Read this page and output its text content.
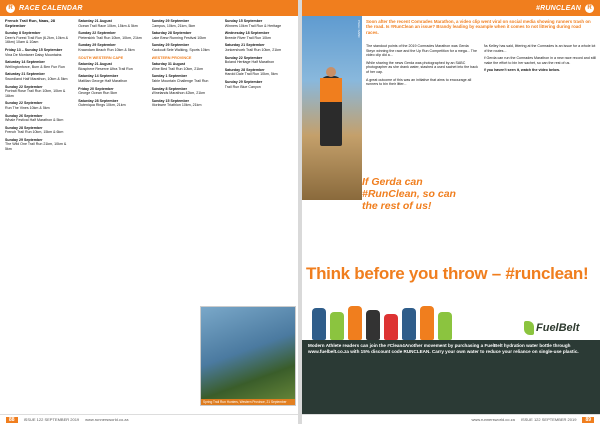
R RACE CALENDAR
French Trail Run, Naas, 28 September
Sunday 8 September
Deer's Forest Trail Run (6.2km, 10km & 16km) 10am & 10am
Friday 13 – Sunday 15 September
Vina De Montaner Daisy Mountains
Saturday 14 September
Wellingtonforce, Burn & Ben Fun Run
Saturday 21 September
Swordland Half Marathon, 10km & 5km
Sunday 22 September
Portrait Rose Trail Run 10km, 10km & 16km
Sunday 22 September
Run The Vines 10km & 5km
Sunday 26 September
Whale Festival Half Marathon & 5km
Sunday 28 September
French Trail Run 10km, 15km & 6km
Sunday 29 September
The Wild One Trail Run 21km, 10km & 5km
Saturday 21 August
Ocean Trail Race 10km, 15km & 5km
Sunday 22 September
Pieterskirk Trail Run 10km, 10km, 21km
Sunday 29 September
Kraandam Beach Run 10km & 5km
SOUTH WESTERN CAPE
Saturday 21 August
Biosphere Reserve Ultra Trail Run
Saturday 14 September
Matilian George Half Marathon
Friday 20 September
George Ocean Run 5km
Saturday 28 September
Outeniqua Rings 10km, 21km
Sunday 29 September
Campus, 10km, 21km, 5km
Saturday 28 September
Lake Brew Running Festival 10km
Sunday 29 September
Kaokouit Sele Walking, Sports 10km
WESTERN PROVINCE
Saturday 31 August
Wine Bed Trail Run 10km, 21km
Sunday 1 September
Table Mountain Challenge Trail Run
Sunday 8 September
Winelands Marathon 42km, 21km
Sunday 15 September
Morkwee Triathlon 10km, 21km
Sunday 15 September
Winners 10km Trail Run & Heritage
Wednesday 18 September
Breede River Trail Run 10km
Saturday 21 September
Jonkershoek Trail Run 10km, 21km
Sunday 22 September
Boland Heritage Half Marathon
Saturday 28 September
Harold Dale Trail Run 10km, 5km
Sunday 29 September
Trail Run Blue Canyon
Spring Trail Run Hunters, Western Province, 21 September
88	ISSUE 122 SEPTEMBER 2019 www.runnersworld.co.za
#RUNCLEAN	R
Photo: SABC Soon after the recent Comrades Marathon, a video clip went viral on social media showing runners trash on the road. Is #RunClean an issue? Brandy leading by example when it comes to not littering during road races.

The standout points of the 2019 Comrades Marathon was Gerda Steyn winning the race and the Up Run Competition for a mega... The video clip did a...

While sharing the news Gerda was photographed by an SABC photographer as she drank water, stashed a used sachet into the back of her cap.

A great outcome of this was an initiative that aims to encourage all runners to bin their litter...

As Kelley has said, littering at the Comrades is an issue for a whole lot of the routes...

If Gerda can run the Comrades Marathon in a new race record and still make the effort to bin her sachet, so can the rest of us.

If you haven't seen it, watch the video below.

If Gerda can #RunClean, so can the rest of us!
Think before you throw – #runclean!
FuelBelt
Modern Athlete readers can join the #Clean4Another movement by purchasing a FuelBelt hydration water bottle through www.fuelbelt.co.za with 15% discount code RUNCLEAN. Carry your own water to reduce your reliance on single-use plastic.
www.runnersworld.co.za ISSUE 122 SEPTEMBER 2019	89
